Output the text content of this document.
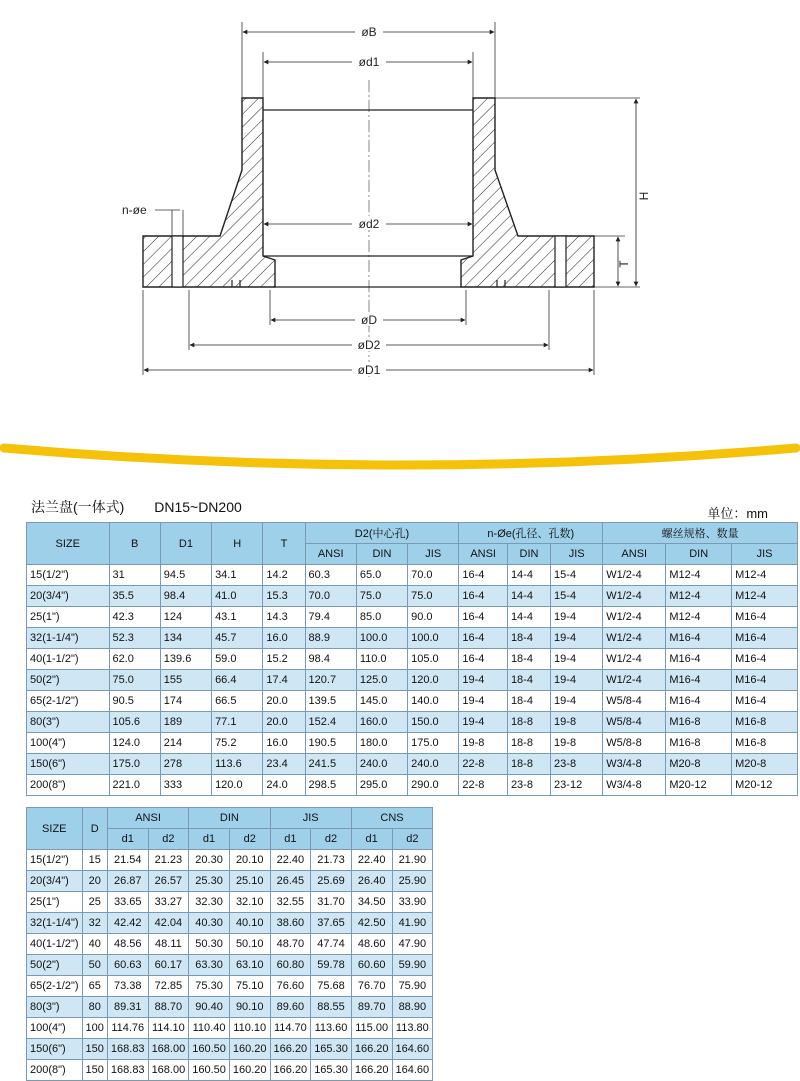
øB
ød1
ød2
øD
øD2
øD1
n-øe
H
T
法兰盘(一体式) DN15~DN200	单位：mm
SIZE	B	D1	H	T	D2(中心孔)			n-Øe(孔径、孔数)			螺丝规格、数量		
					ANSI	DIN	JIS	ANSI	DIN	JIS	ANSI	DIN	JIS
15(1/2")	31	94.5	34.1	14.2	60.3	65.0	70.0	16-4	14-4	15-4	W1/2-4	M12-4	M12-4
20(3/4")	35.5	98.4	41.0	15.3	70.0	75.0	75.0	16-4	14-4	15-4	W1/2-4	M12-4	M12-4
25(1")	42.3	124	43.1	14.3	79.4	85.0	90.0	16-4	14-4	19-4	W1/2-4	M12-4	M16-4
32(1-1/4")	52.3	134	45.7	16.0	88.9	100.0	100.0	16-4	18-4	19-4	W1/2-4	M16-4	M16-4
40(1-1/2")	62.0	139.6	59.0	15.2	98.4	110.0	105.0	16-4	18-4	19-4	W1/2-4	M16-4	M16-4
50(2")	75.0	155	66.4	17.4	120.7	125.0	120.0	19-4	18-4	19-4	W1/2-4	M16-4	M16-4
65(2-1/2")	90.5	174	66.5	20.0	139.5	145.0	140.0	19-4	18-4	19-4	W5/8-4	M16-4	M16-4
80(3")	105.6	189	77.1	20.0	152.4	160.0	150.0	19-4	18-8	19-8	W5/8-4	M16-8	M16-8
100(4")	124.0	214	75.2	16.0	190.5	180.0	175.0	19-8	18-8	19-8	W5/8-8	M16-8	M16-8
150(6")	175.0	278	113.6	23.4	241.5	240.0	240.0	22-8	18-8	23-8	W3/4-8	M20-8	M20-8
200(8")	221.0	333	120.0	24.0	298.5	295.0	290.0	22-8	23-8	23-12	W3/4-8	M20-12	M20-12
SIZE	D	ANSI		DIN		JIS		CNS	
		d1	d2	d1	d2	d1	d2	d1	d2
15(1/2")	15	21.54	21.23	20.30	20.10	22.40	21.73	22.40	21.90
20(3/4")	20	26.87	26.57	25.30	25.10	26.45	25.69	26.40	25.90
25(1")	25	33.65	33.27	32.30	32.10	32.55	31.70	34.50	33.90
32(1-1/4")	32	42.42	42.04	40.30	40.10	38.60	37.65	42.50	41.90
40(1-1/2")	40	48.56	48.11	50.30	50.10	48.70	47.74	48.60	47.90
50(2")	50	60.63	60.17	63.30	63.10	60.80	59.78	60.60	59.90
65(2-1/2")	65	73.38	72.85	75.30	75.10	76.60	75.68	76.70	75.90
80(3")	80	89.31	88.70	90.40	90.10	89.60	88.55	89.70	88.90
100(4")	100	114.76	114.10	110.40	110.10	114.70	113.60	115.00	113.80
150(6")	150	168.83	168.00	160.50	160.20	166.20	165.30	166.20	164.60
200(8")	150	168.83	168.00	160.50	160.20	166.20	165.30	166.20	164.60
